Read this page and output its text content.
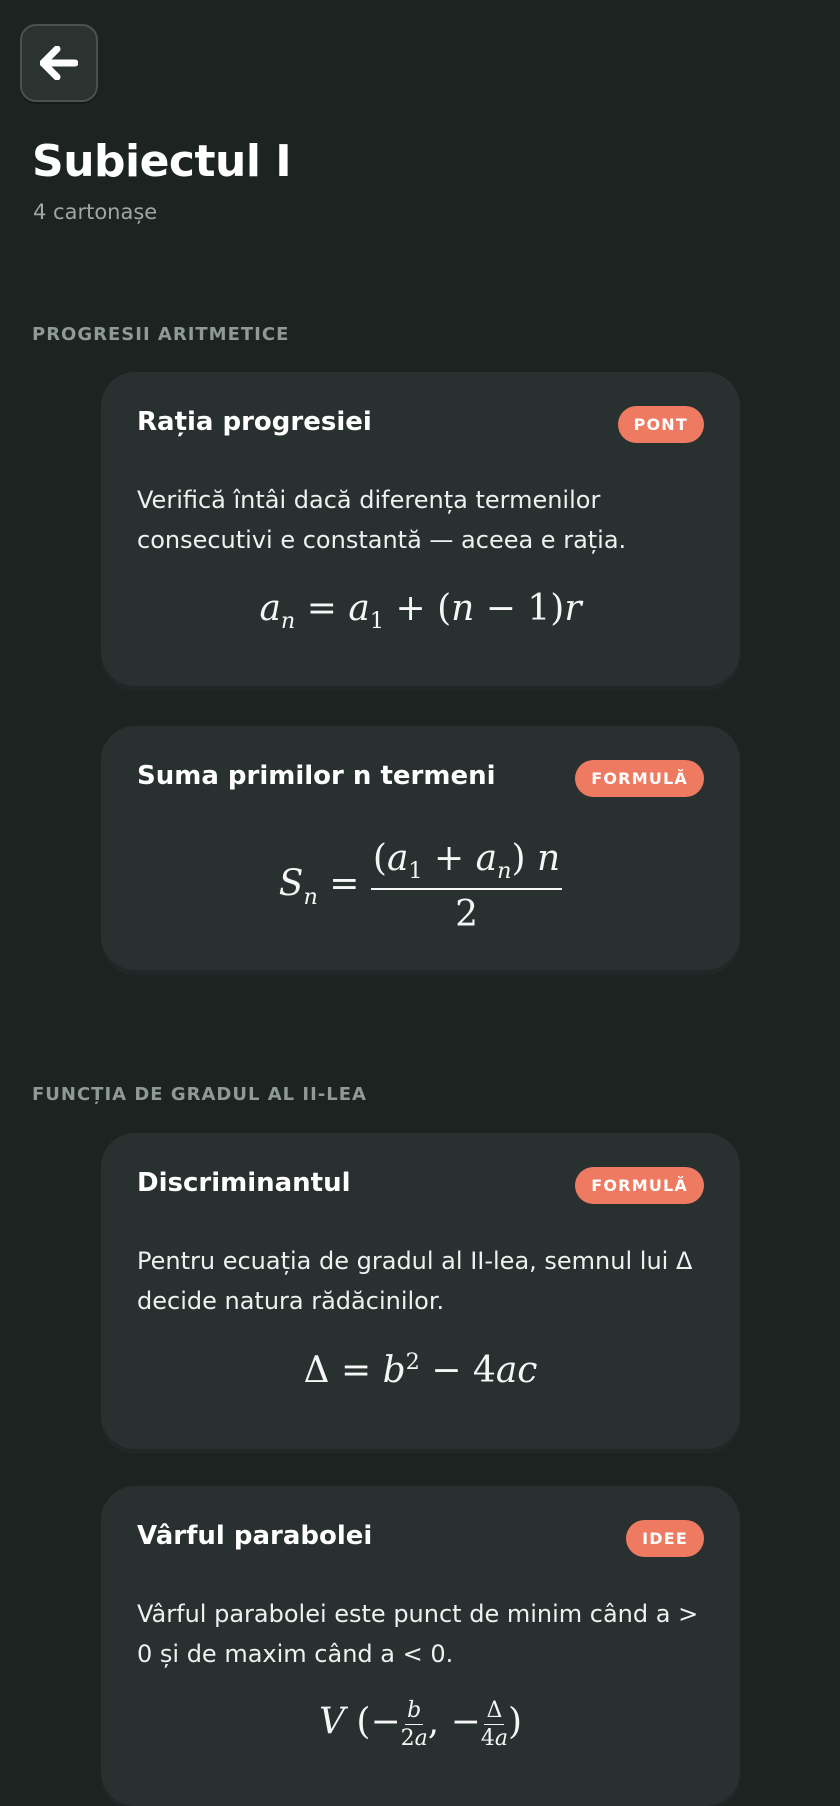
Subiectul I
4 cartonașe
PROGRESII ARITMETICE
Rația progresiei	PONT
Verifică întâi dacă diferența termenilor consecutivi e constantă — aceea e rația.
$a_n = a_1 + (n - 1)r$
Suma primilor n termeni	FORMULĂ
$S_n = \frac{(a_1 + a_n) n}{2}$
FUNCȚIA DE GRADUL AL II-LEA
Discriminantul	FORMULĂ
Pentru ecuația de gradul al II-lea, semnul lui Δ decide natura rădăcinilor.
$\Delta = b^2 - 4ac$
Vârful parabolei	IDEE
Vârful parabolei este punct de minim când a > 0 și de maxim când a < 0.
V (− $\frac{b}{2a}$ , − $\frac{\Delta}{4a}$ )
